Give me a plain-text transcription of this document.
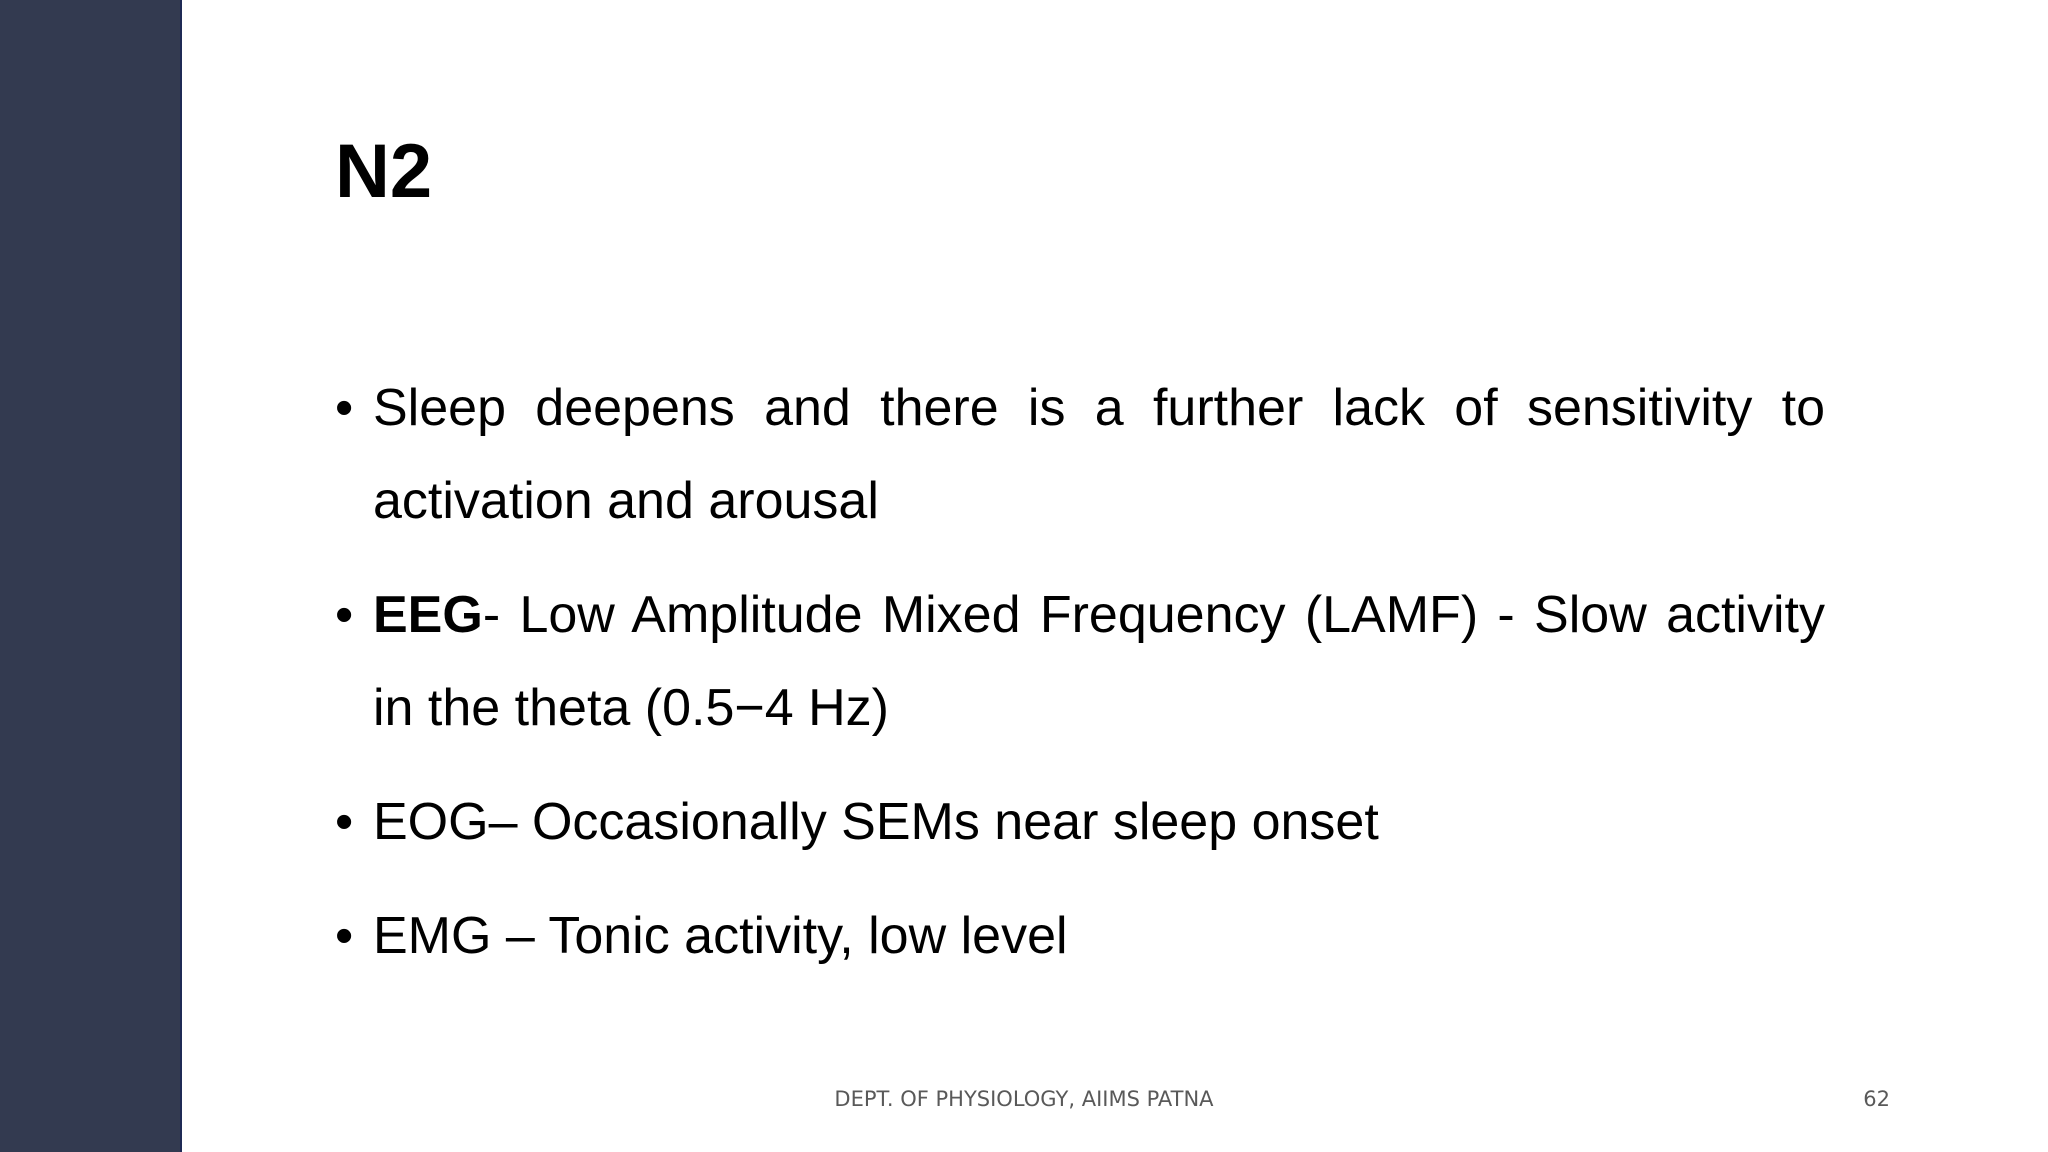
N2
• Sleep deepens and there is a further lack of sensitivity to activation and arousal
• EEG- Low Amplitude Mixed Frequency (LAMF) - Slow activity in the theta (0.5−4 Hz)
• EOG– Occasionally SEMs near sleep onset
• EMG – Tonic activity, low level
DEPT. OF PHYSIOLOGY, AIIMS PATNA	62
